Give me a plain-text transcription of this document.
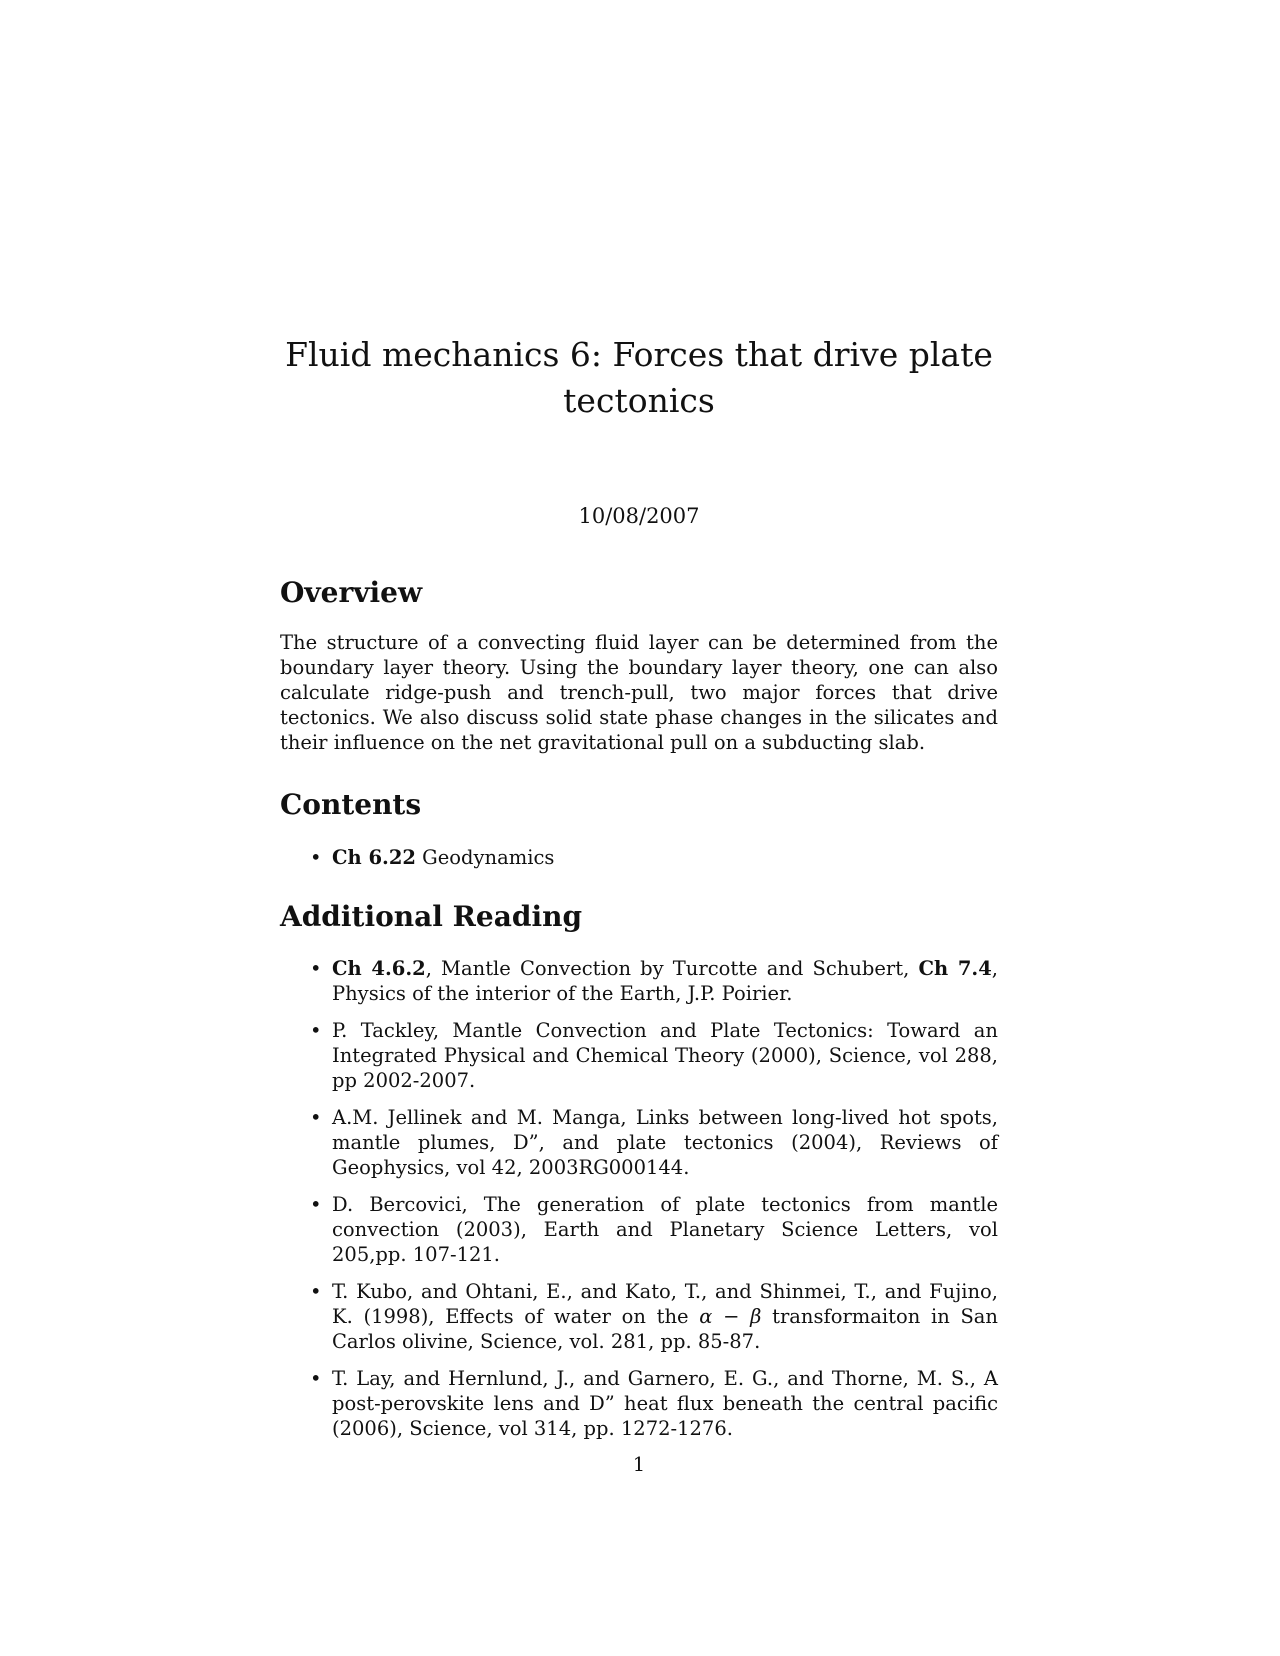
Fluid mechanics 6: Forces that drive plate tectonics
10/08/2007
Overview

The structure of a convecting fluid layer can be determined from the boundary layer theory. Using the boundary layer theory, one can also calculate ridge-push and trench-pull, two major forces that drive tectonics. We also discuss solid state phase changes in the silicates and their influence on the net gravitational pull on a subducting slab.

Contents
• Ch 6.22 Geodynamics
Additional Reading
• Ch 4.6.2, Mantle Convection by Turcotte and Schubert, Ch 7.4, Physics of the interior of the Earth, J.P. Poirier.
• P. Tackley, Mantle Convection and Plate Tectonics: Toward an Integrated Physical and Chemical Theory (2000), Science, vol 288, pp 2002-2007.
• A.M. Jellinek and M. Manga, Links between long-lived hot spots, mantle plumes, D”, and plate tectonics (2004), Reviews of Geophysics, vol 42, 2003RG000144.
• D. Bercovici, The generation of plate tectonics from mantle convection (2003), Earth and Planetary Science Letters, vol 205,pp. 107-121.
• T. Kubo, and Ohtani, E., and Kato, T., and Shinmei, T., and Fujino, K. (1998), Effects of water on the α − β transformaiton in San Carlos olivine, Science, vol. 281, pp. 85-87.
• T. Lay, and Hernlund, J., and Garnero, E. G., and Thorne, M. S., A post-perovskite lens and D” heat flux beneath the central pacific (2006), Science, vol 314, pp. 1272-1276.
1
